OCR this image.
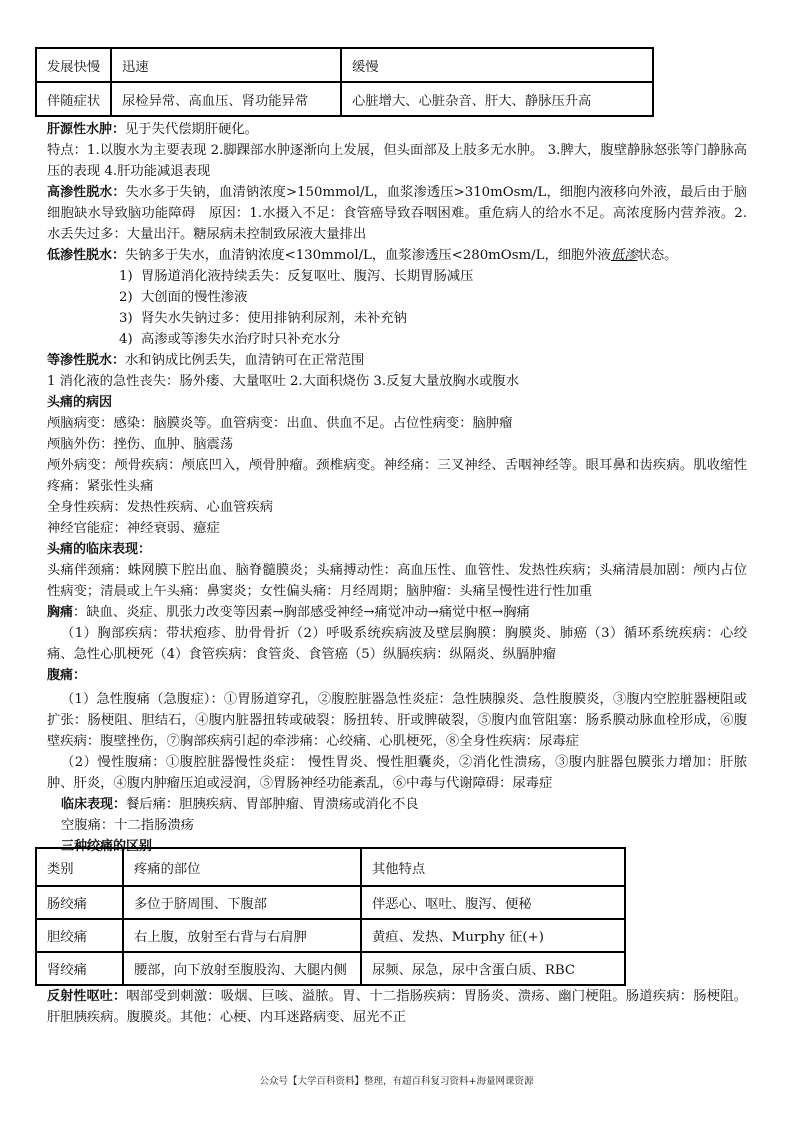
发展快慢	迅速	缓慢
伴随症状	尿检异常、高血压、肾功能异常	心脏增大、心脏杂音、肝大、静脉压升高

肝源性水肿：见于失代偿期肝硬化。

特点：1.以腹水为主要表现 2.脚踝部水肿逐渐向上发展，但头面部及上肢多无水肿。 3.脾大，腹壁静脉怒张等门静脉高压的表现 4.肝功能减退表现

高渗性脱水：失水多于失钠，血清钠浓度>150mmol/L，血浆渗透压>310mOsm/L，细胞内液移向外液，最后由于脑细胞缺水导致脑功能障碍　原因：1.水摄入不足：食管癌导致吞咽困难。重危病人的给水不足。高浓度肠内营养液。2.水丢失过多：大量出汗。糖尿病未控制致尿液大量排出

低渗性脱水：失钠多于失水，血清钠浓度<130mmol/L，血浆渗透压<280mOsm/L，细胞外液低渗状态。

1) 胃肠道消化液持续丢失：反复呕吐、腹泻、长期胃肠减压

2) 大创面的慢性渗液

3) 肾失水失钠过多：使用排钠利尿剂，未补充钠

4) 高渗或等渗失水治疗时只补充水分

等渗性脱水：水和钠成比例丢失，血清钠可在正常范围

1 消化液的急性丧失：肠外瘘、大量呕吐 2.大面积烧伤 3.反复大量放胸水或腹水

头痛的病因

颅脑病变：感染：脑膜炎等。血管病变：出血、供血不足。占位性病变：脑肿瘤

颅脑外伤：挫伤、血肿、脑震荡

颅外病变：颅骨疾病：颅底凹入，颅骨肿瘤。颈椎病变。神经痛：三叉神经、舌咽神经等。眼耳鼻和齿疾病。肌收缩性疼痛：紧张性头痛

全身性疾病：发热性疾病、心血管疾病

神经官能症：神经衰弱、癔症

头痛的临床表现：

头痛伴颈痛：蛛网膜下腔出血、脑脊髓膜炎；头痛搏动性：高血压性、血管性、发热性疾病；头痛清晨加剧：颅内占位性病变；清晨或上午头痛：鼻窦炎；女性偏头痛：月经周期；脑肿瘤：头痛呈慢性进行性加重

胸痛：缺血、炎症、肌张力改变等因素→胸部感受神经→痛觉冲动→痛觉中枢→胸痛

（1）胸部疾病：带状疱疹、肋骨骨折（2）呼吸系统疾病波及壁层胸膜：胸膜炎、肺癌（3）循环系统疾病：心绞痛、急性心肌梗死（4）食管疾病：食管炎、食管癌（5）纵膈疾病：纵隔炎、纵膈肿瘤

腹痛：

（1）急性腹痛（急腹症）：①胃肠道穿孔，②腹腔脏器急性炎症：急性胰腺炎、急性腹膜炎，③腹内空腔脏器梗阻或扩张：肠梗阻、胆结石，④腹内脏器扭转或破裂：肠扭转、肝或脾破裂，⑤腹内血管阻塞：肠系膜动脉血栓形成，⑥腹壁疾病：腹壁挫伤，⑦胸部疾病引起的牵涉痛：心绞痛、心肌梗死，⑧全身性疾病：尿毒症

（2）慢性腹痛：①腹腔脏器慢性炎症： 慢性胃炎、慢性胆囊炎，②消化性溃疡，③腹内脏器包膜张力增加：肝脓肿、肝炎，④腹内肿瘤压迫或浸润，⑤胃肠神经功能紊乱，⑥中毒与代谢障碍：尿毒症

临床表现：餐后痛：胆胰疾病、胃部肿瘤、胃溃疡或消化不良

空腹痛：十二指肠溃疡

三种绞痛的区别

类别	疼痛的部位	其他特点
肠绞痛	多位于脐周围、下腹部	伴恶心、呕吐、腹泻、便秘
胆绞痛	右上腹，放射至右背与右肩胛	黄疸、发热、Murphy 征(+)
肾绞痛	腰部，向下放射至腹股沟、大腿内侧	尿频、尿急，尿中含蛋白质、RBC

反射性呕吐：咽部受到刺激：吸烟、巨咳、溢脓。胃、十二指肠疾病：胃肠炎、溃疡、幽门梗阻。肠道疾病：肠梗阻。肝胆胰疾病。腹膜炎。其他：心梗、内耳迷路病变、屈光不正

公众号【大学百科资料】整理，有超百科复习资料+海量网课资源
